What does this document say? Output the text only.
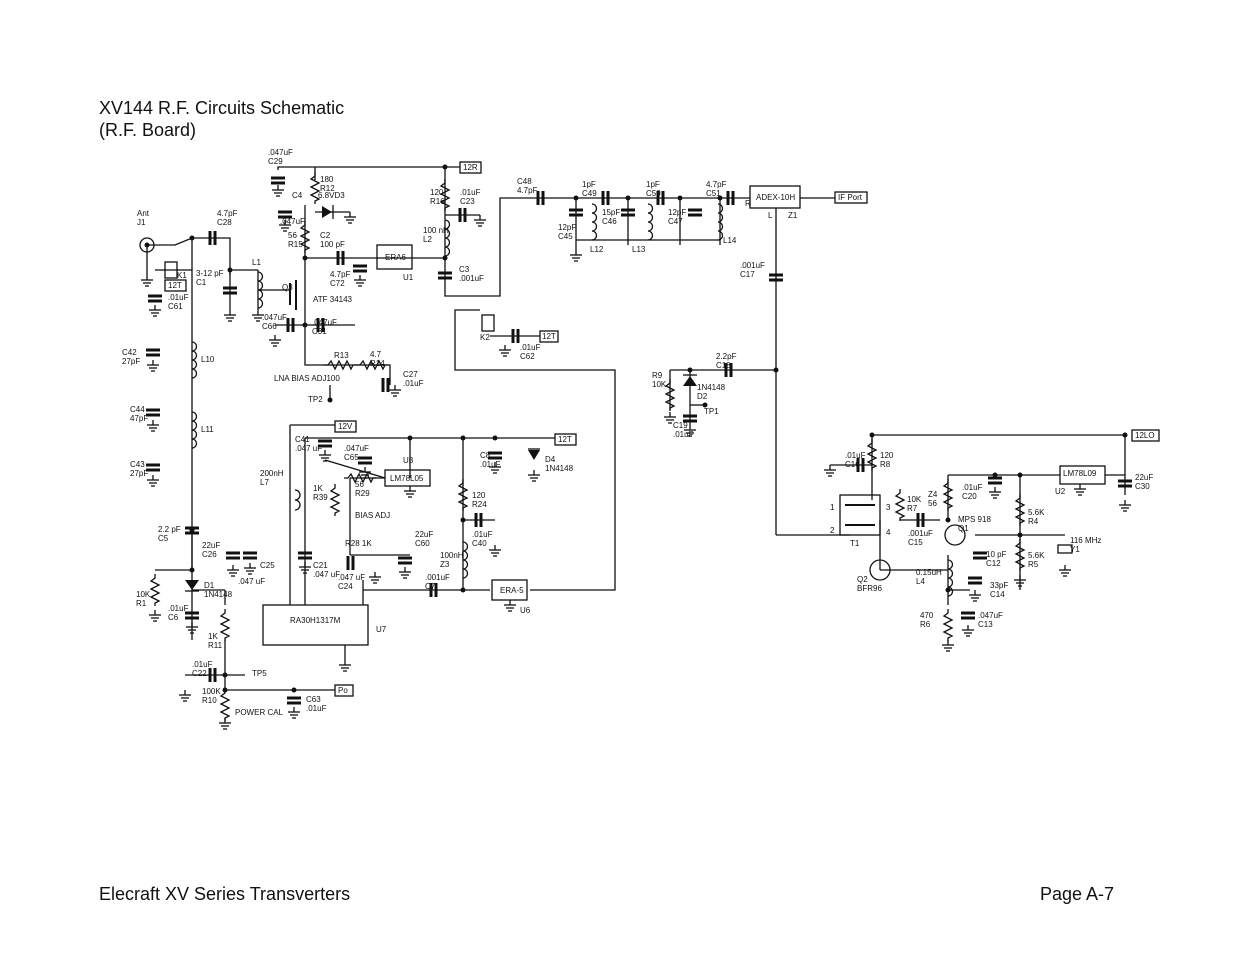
XV144 R.F. Circuits Schematic
(R.F. Board)
Elecraft XV Series Transverters	Page A-7
12R
12T
12T
12V
12T	12LO
Po
IF Port
Ant
J1
K1
.01uF
C61
4.7pF
C28
3-12 pF
C1
L1
.047uF
C29
180
R12
C4 6.8VD3
.047uF
56
R15
C2
100 pF
Q3
ATF 34143
4.7pF
C72
ERA6
U1
120
R16
.01uF
C23
100 nH
L2
C3
.001uF
.047uF
C66	.047uF
C31
R13	4.7
R14
C27
.01uF
LNA BIAS ADJ100
TP2
K2
.01uF
C62
C42
27pF	L10
C44
47pF
L11
C43
27pF
2.2 pF
C5
10K
R1
D1
1N4148
.01uF
C6
1K
R11
.01uF
C22	TP5
100K
R10
POWER CAL
C63
.01uF
C41
.047 uF
200nH
L7
1K
R39
56
R29
BIAS ADJ
.047uF
C65	U3
LM78L05
22uF
C26
C25
.047 uF
C21
.047 uF
R28 1K
.047 uF
C24
22uF
C60
RA30H1317M
U7
C8
.01uF
D4
1N4148
120
R24
.01uF
C40
100nH
Z3
.001uF
C7	ERA-5
U6
C48
4.7pF
12pF
C45
1pF
C49
15pF
C46
L12
1pF
C50
12pF
C47
L13
4.7pF
C51
L14
ADEX-10H
R
L Z1
.001uF
C17
R9
10K	1N4148
D2
2.2pF
C18
TP1
C19
.01uF
.01uF
C16
120
R8
1
2
3
4
T1
10K
R7
Z4
56
.01uF
C20
LM78L09
U2
22uF
C30
.001uF
C15
MPS 918
Q1
5.6K
R4
116 MHz
Y1
10 pF
C12
5.6K
R5
Q2
BFR96
0.15uH
L4	33pF
C14
470
R6
.047uF
C13
